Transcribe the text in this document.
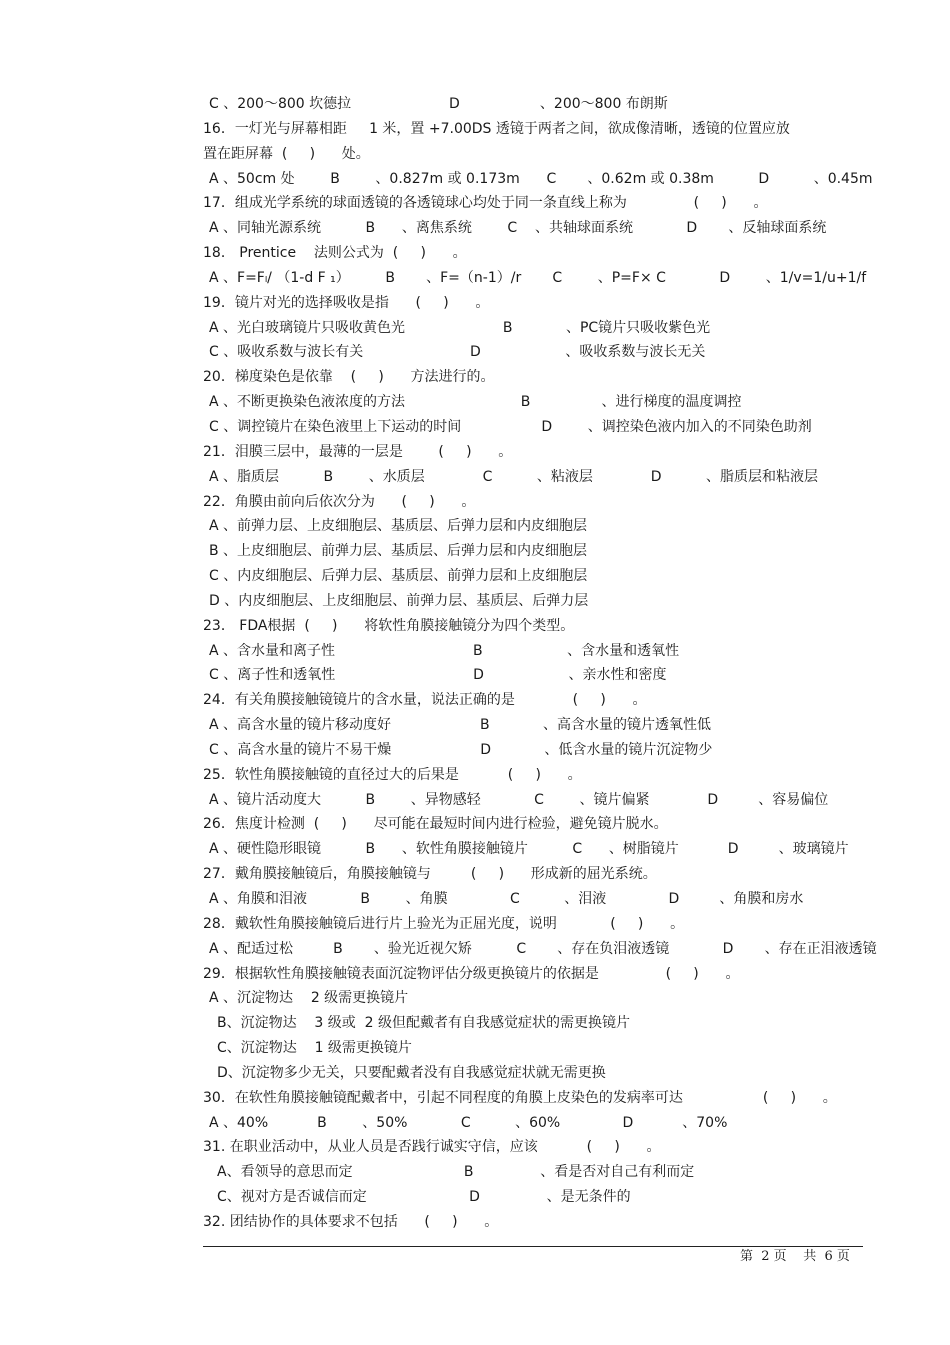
C 、200～800 坎德拉                      D                  、200～800 布朗斯
16．一灯光与屏幕相距     1 米，置 +7.00DS 透镜于两者之间，欲成像清晰，透镜的位置应放
置在距屏幕  (     )      处。
A 、50cm 处        B        、0.827m 或 0.173m      C       、0.62m 或 0.38m          D          、0.45m
17．组成光学系统的球面透镜的各透镜球心均处于同一条直线上称为               (     )      。
A 、同轴光源系统          B      、离焦系统        C    、共轴球面系统            D       、反轴球面系统
18． Prentice    法则公式为  (     )      。
A 、F=Fₗ/ （1-d F ₁）        B       、F=（n-1）/r       C        、P=F× C            D        、1/v=1/u+1/f
19．镜片对光的选择吸收是指      (     )      。
A 、光白玻璃镜片只吸收黄色光                      B            、PC镜片只吸收紫色光
C 、吸收系数与波长有关                        D                   、吸收系数与波长无关
20．梯度染色是依靠    (     )      方法进行的。
A 、不断更换染色液浓度的方法                          B                、进行梯度的温度调控
C 、调控镜片在染色液里上下运动的时间                  D        、调控染色液内加入的不同染色助剂
21．泪膜三层中，最薄的一层是        (     )      。
A 、脂质层          B        、水质层             C          、粘液层             D          、脂质层和粘液层
22．角膜由前向后依次分为      (     )      。
A 、前弹力层、上皮细胞层、基质层、后弹力层和内皮细胞层
B 、上皮细胞层、前弹力层、基质层、后弹力层和内皮细胞层
C 、内皮细胞层、后弹力层、基质层、前弹力层和上皮细胞层
D 、内皮细胞层、上皮细胞层、前弹力层、基质层、后弹力层
23． FDA根据  (     )      将软性角膜接触镜分为四个类型。
A 、含水量和离子性                               B                   、含水量和透氧性
C 、离子性和透氧性                               D                   、亲水性和密度
24．有关角膜接触镜镜片的含水量，说法正确的是             (     )      。
A 、高含水量的镜片移动度好                    B            、高含水量的镜片透氧性低
C 、高含水量的镜片不易干燥                    D            、低含水量的镜片沉淀物少
25．软性角膜接触镜的直径过大的后果是           (     )      。
A 、镜片活动度大          B        、异物感轻            C        、镜片偏紧             D         、容易偏位
26．焦度计检测  (     )      尽可能在最短时间内进行检验，避免镜片脱水。
A 、硬性隐形眼镜          B      、软性角膜接触镜片          C      、树脂镜片           D         、玻璃镜片
27．戴角膜接触镜后，角膜接触镜与         (     )      形成新的屈光系统。
A 、角膜和泪液            B        、角膜              C          、泪液              D         、角膜和房水
28．戴软性角膜接触镜后进行片上验光为正屈光度，说明            (     )      。
A 、配适过松         B       、验光近视欠矫          C       、存在负泪液透镜            D       、存在正泪液透镜
29．根据软性角膜接触镜表面沉淀物评估分级更换镜片的依据是               (     )      。
A 、沉淀物达    2 级需更换镜片
B、沉淀物达    3 级或  2 级但配戴者有自我感觉症状的需更换镜片
C、沉淀物达    1 级需更换镜片
D、沉淀物多少无关，只要配戴者没有自我感觉症状就无需更换
30．在软性角膜接触镜配戴者中，引起不同程度的角膜上皮染色的发病率可达                  (     )      。
A 、40%           B        、50%            C          、60%              D           、70%
31. 在职业活动中，从业人员是否践行诚实守信，应该           (     )      。
A、看领导的意思而定                         B               、看是否对自己有利而定
C、视对方是否诚信而定                       D               、是无条件的
32. 团结协作的具体要求不包括      (     )      。
第  2 页    共  6 页
